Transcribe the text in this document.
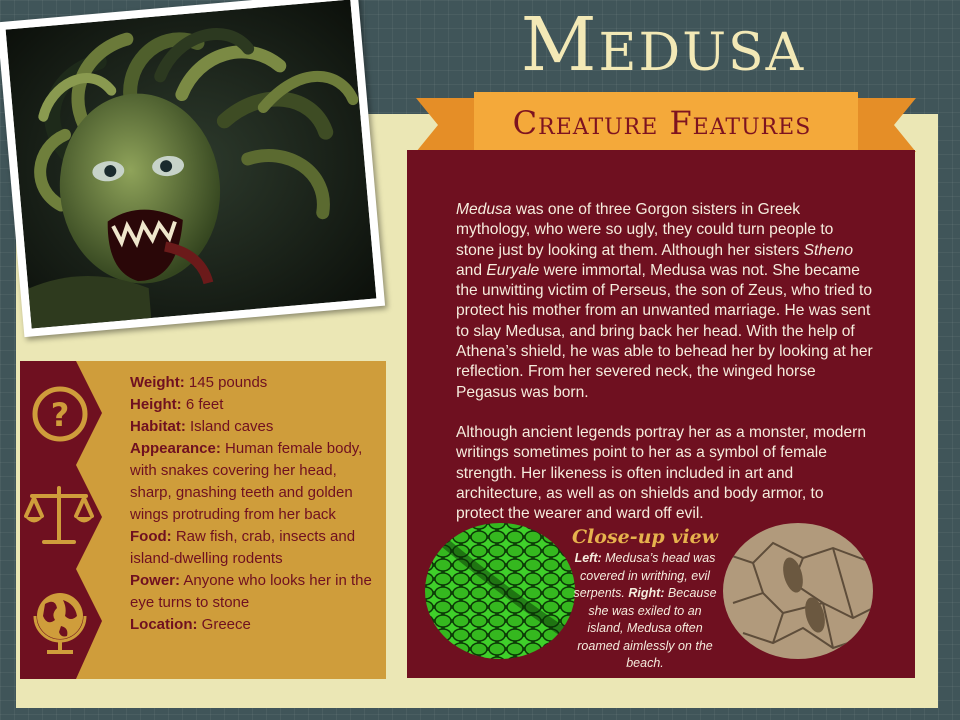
Medusa
Creature Features

Medusa was one of three Gorgon sisters in Greek mythology, who were so ugly, they could turn people to stone just by looking at them. Although her sisters Stheno and Euryale were immortal, Medusa was not. She became the unwitting victim of Perseus, the son of Zeus, who tried to protect his mother from an unwanted marriage. He was sent to slay Medusa, and bring back her head. With the help of Athena’s shield, he was able to behead her by looking at her reflection. From her severed neck, the winged horse Pegasus was born.

Although ancient legends portray her as a monster, modern writings sometimes point to her as a symbol of female strength. Her likeness is often included in art and architecture, as well as on shields and body armor, to protect the wearer and ward off evil.

?
Weight: 145 pounds
Height: 6 feet
Habitat: Island caves
Appearance: Human female body, with snakes covering her head, sharp, gnashing teeth and golden wings protruding from her back
Food: Raw fish, crab, insects and island-dwelling rodents
Power: Anyone who looks her in the eye turns to stone
Location: Greece
Close-up view
Left: Medusa’s head was covered in writhing, evil serpents. Right: Because she was exiled to an island, Medusa often roamed aimlessly on the beach.
